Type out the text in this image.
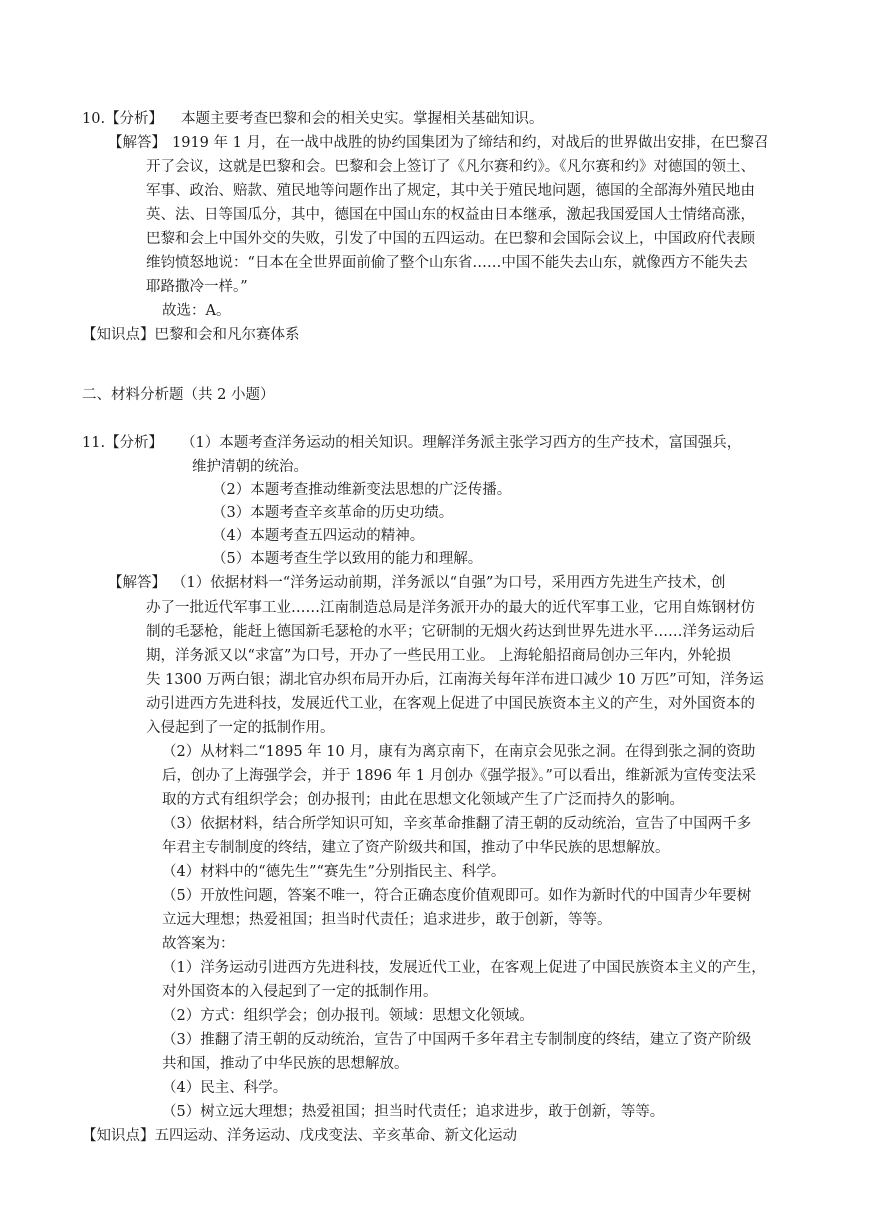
10.【分析】 本题主要考查巴黎和会的相关史实。掌握相关基础知识。
【解答】 1919 年 1 月，在一战中战胜的协约国集团为了缔结和约，对战后的世界做出安排，在巴黎召
开了会议，这就是巴黎和会。巴黎和会上签订了《凡尔赛和约》。《凡尔赛和约》对德国的领土、
军事、政治、赔款、殖民地等问题作出了规定，其中关于殖民地问题，德国的全部海外殖民地由
英、法、日等国瓜分，其中，德国在中国山东的权益由日本继承，激起我国爱国人士情绪高涨，
巴黎和会上中国外交的失败，引发了中国的五四运动。在巴黎和会国际会议上，中国政府代表顾
维钧愤怒地说：“日本在全世界面前偷了整个山东省……中国不能失去山东，就像西方不能失去
耶路撒冷一样。”
故选：A。
【知识点】巴黎和会和凡尔赛体系
二、材料分析题（共 2 小题）
11.【分析】 （1）本题考查洋务运动的相关知识。理解洋务派主张学习西方的生产技术，富国强兵，
维护清朝的统治。
（2）本题考查推动维新变法思想的广泛传播。
（3）本题考查辛亥革命的历史功绩。
（4）本题考查五四运动的精神。
（5）本题考查生学以致用的能力和理解。
【解答】 （1）依据材料一“洋务运动前期，洋务派以“自强”为口号，采用西方先进生产技术，创
办了一批近代军事工业……江南制造总局是洋务派开办的最大的近代军事工业，它用自炼钢材仿
制的毛瑟枪，能赶上德国新毛瑟枪的水平；它研制的无烟火药达到世界先进水平……洋务运动后
期，洋务派又以“求富”为口号，开办了一些民用工业。 上海轮船招商局创办三年内，外轮损
失 1300 万两白银；湖北官办织布局开办后，江南海关每年洋布进口减少 10 万匹”可知，洋务运
动引进西方先进科技，发展近代工业，在客观上促进了中国民族资本主义的产生，对外国资本的
入侵起到了一定的抵制作用。
（2）从材料二“1895 年 10 月，康有为离京南下，在南京会见张之洞。在得到张之洞的资助
后，创办了上海强学会，并于 1896 年 1 月创办《强学报》。”可以看出，维新派为宣传变法采
取的方式有组织学会；创办报刊；由此在思想文化领域产生了广泛而持久的影响。
（3）依据材料，结合所学知识可知，辛亥革命推翻了清王朝的反动统治，宣告了中国两千多
年君主专制制度的终结，建立了资产阶级共和国，推动了中华民族的思想解放。
（4）材料中的“德先生”“赛先生”分别指民主、科学。
（5）开放性问题，答案不唯一，符合正确态度价值观即可。如作为新时代的中国青少年要树
立远大理想；热爱祖国；担当时代责任；追求进步，敢于创新，等等。
故答案为：
（1）洋务运动引进西方先进科技，发展近代工业，在客观上促进了中国民族资本主义的产生，
对外国资本的入侵起到了一定的抵制作用。
（2）方式：组织学会；创办报刊。领域：思想文化领域。
（3）推翻了清王朝的反动统治，宣告了中国两千多年君主专制制度的终结，建立了资产阶级
共和国，推动了中华民族的思想解放。
（4）民主、科学。
（5）树立远大理想；热爱祖国；担当时代责任；追求进步，敢于创新，等等。
【知识点】五四运动、洋务运动、戊戌变法、辛亥革命、新文化运动
